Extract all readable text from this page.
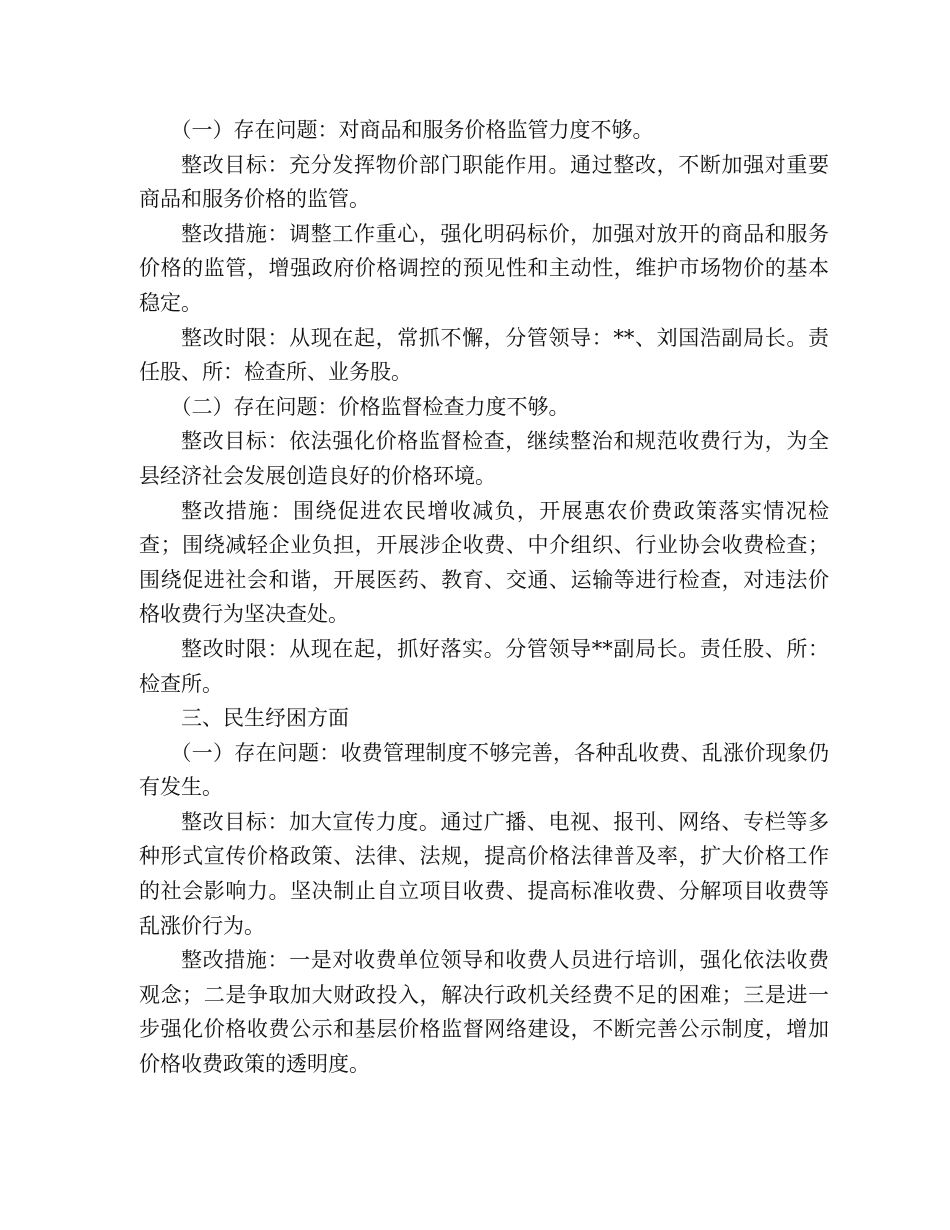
（一）存在问题：对商品和服务价格监管力度不够。

整改目标：充分发挥物价部门职能作用。通过整改，不断加强对重要商品和服务价格的监管。

整改措施：调整工作重心，强化明码标价，加强对放开的商品和服务价格的监管，增强政府价格调控的预见性和主动性，维护市场物价的基本稳定。

整改时限：从现在起，常抓不懈，分管领导：**、刘国浩副局长。责任股、所：检查所、业务股。

（二）存在问题：价格监督检查力度不够。

整改目标：依法强化价格监督检查，继续整治和规范收费行为，为全县经济社会发展创造良好的价格环境。

整改措施：围绕促进农民增收减负，开展惠农价费政策落实情况检查；围绕减轻企业负担，开展涉企收费、中介组织、行业协会收费检查；围绕促进社会和谐，开展医药、教育、交通、运输等进行检查，对违法价格收费行为坚决查处。

整改时限：从现在起，抓好落实。分管领导**副局长。责任股、所：检查所。

三、民生纾困方面

（一）存在问题：收费管理制度不够完善，各种乱收费、乱涨价现象仍有发生。

整改目标：加大宣传力度。通过广播、电视、报刊、网络、专栏等多种形式宣传价格政策、法律、法规，提高价格法律普及率，扩大价格工作的社会影响力。坚决制止自立项目收费、提高标准收费、分解项目收费等乱涨价行为。

整改措施：一是对收费单位领导和收费人员进行培训，强化依法收费观念；二是争取加大财政投入，解决行政机关经费不足的困难；三是进一步强化价格收费公示和基层价格监督网络建设，不断完善公示制度，增加价格收费政策的透明度。
